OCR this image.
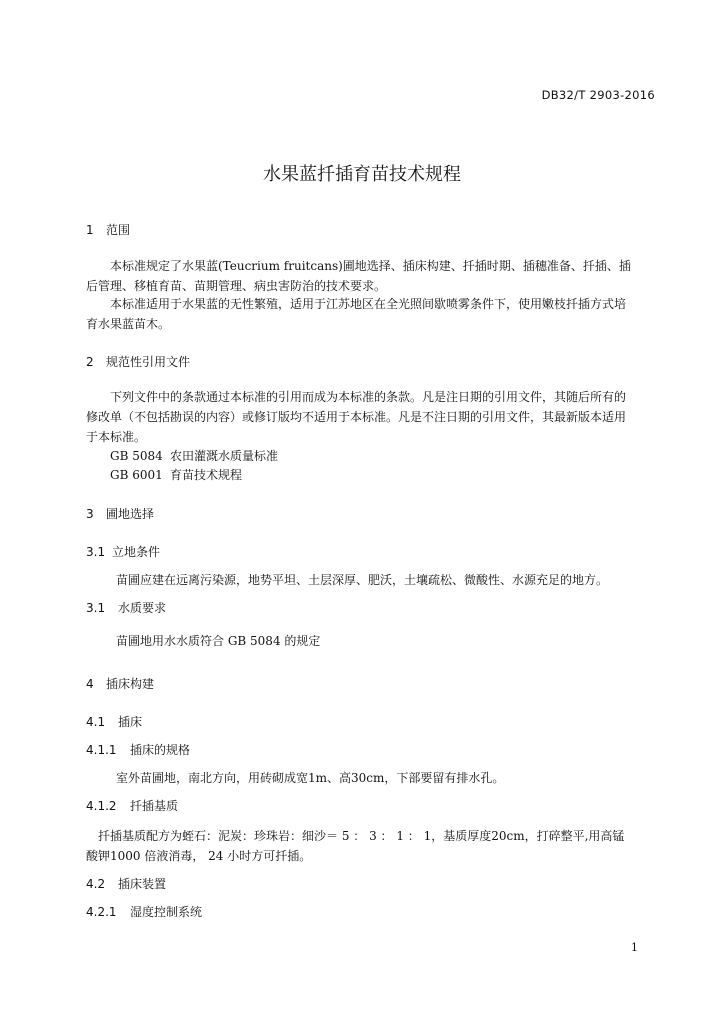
DB32/T 2903-2016
水果蓝扦插育苗技术规程
1 范围
本标准规定了水果蓝(Teucrium fruitcans)圃地选择、插床构建、扦插时期、插穗准备、扦插、插
后管理、移植育苗、苗期管理、病虫害防治的技术要求。
本标准适用于水果蓝的无性繁殖，适用于江苏地区在全光照间歇喷雾条件下，使用嫩枝扦插方式培
育水果蓝苗木。
2 规范性引用文件
下列文件中的条款通过本标准的引用而成为本标准的条款。凡是注日期的引用文件，其随后所有的
修改单（不包括勘误的内容）或修订版均不适用于本标准。凡是不注日期的引用文件，其最新版本适用
于本标准。
GB 5084 农田灌溉水质量标准
GB 6001 育苗技术规程
3 圃地选择
3.1 立地条件
苗圃应建在远离污染源，地势平坦、土层深厚、肥沃，土壤疏松、微酸性、水源充足的地方。
3.1 水质要求
苗圃地用水水质符合 GB 5084 的规定
4 插床构建
4.1 插床
4.1.1 插床的规格
室外苗圃地，南北方向，用砖砌成宽1m、高30cm，下部要留有排水孔。
4.1.2 扦插基质
扦插基质配方为蛭石：泥炭：珍珠岩：细沙＝ 5 ： 3 ： 1 ： 1，基质厚度20cm，打碎整平,用高锰
酸钾1000 倍液消毒， 24 小时方可扦插。
4.2 插床装置
4.2.1 湿度控制系统
1
